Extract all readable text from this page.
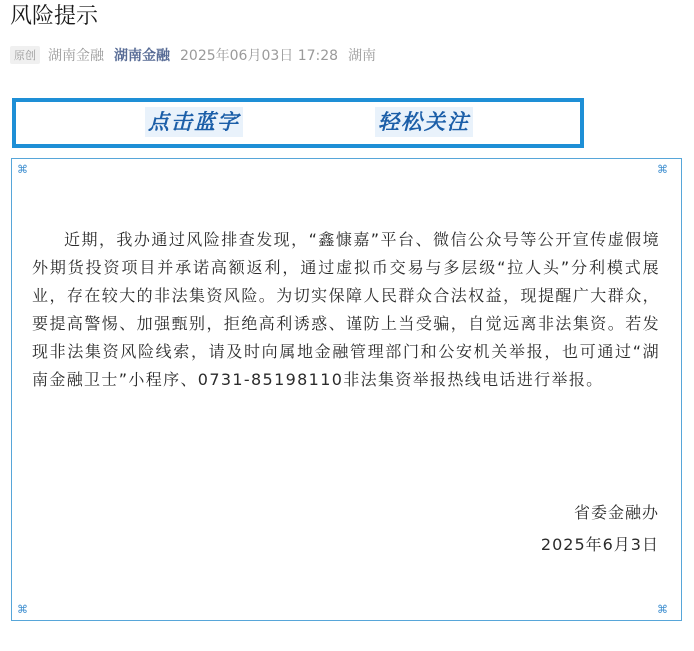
风险提示
原创 湖南金融 湖南金融 2025年06月03日 17:28 湖南
点击蓝字	轻松关注
⌘	⌘
⌘	⌘

近期，我办通过风险排查发现，“鑫慷嘉”平台、微信公众号等公开宣传虚假境外期货投资项目并承诺高额返利，通过虚拟币交易与多层级“拉人头”分利模式展业，存在较大的非法集资风险。为切实保障人民群众合法权益，现提醒广大群众，要提高警惕、加强甄别，拒绝高利诱惑、谨防上当受骗，自觉远离非法集资。若发现非法集资风险线索，请及时向属地金融管理部门和公安机关举报，也可通过“湖南金融卫士”小程序、0731-85198110非法集资举报热线电话进行举报。

省委金融办
2025年6月3日
